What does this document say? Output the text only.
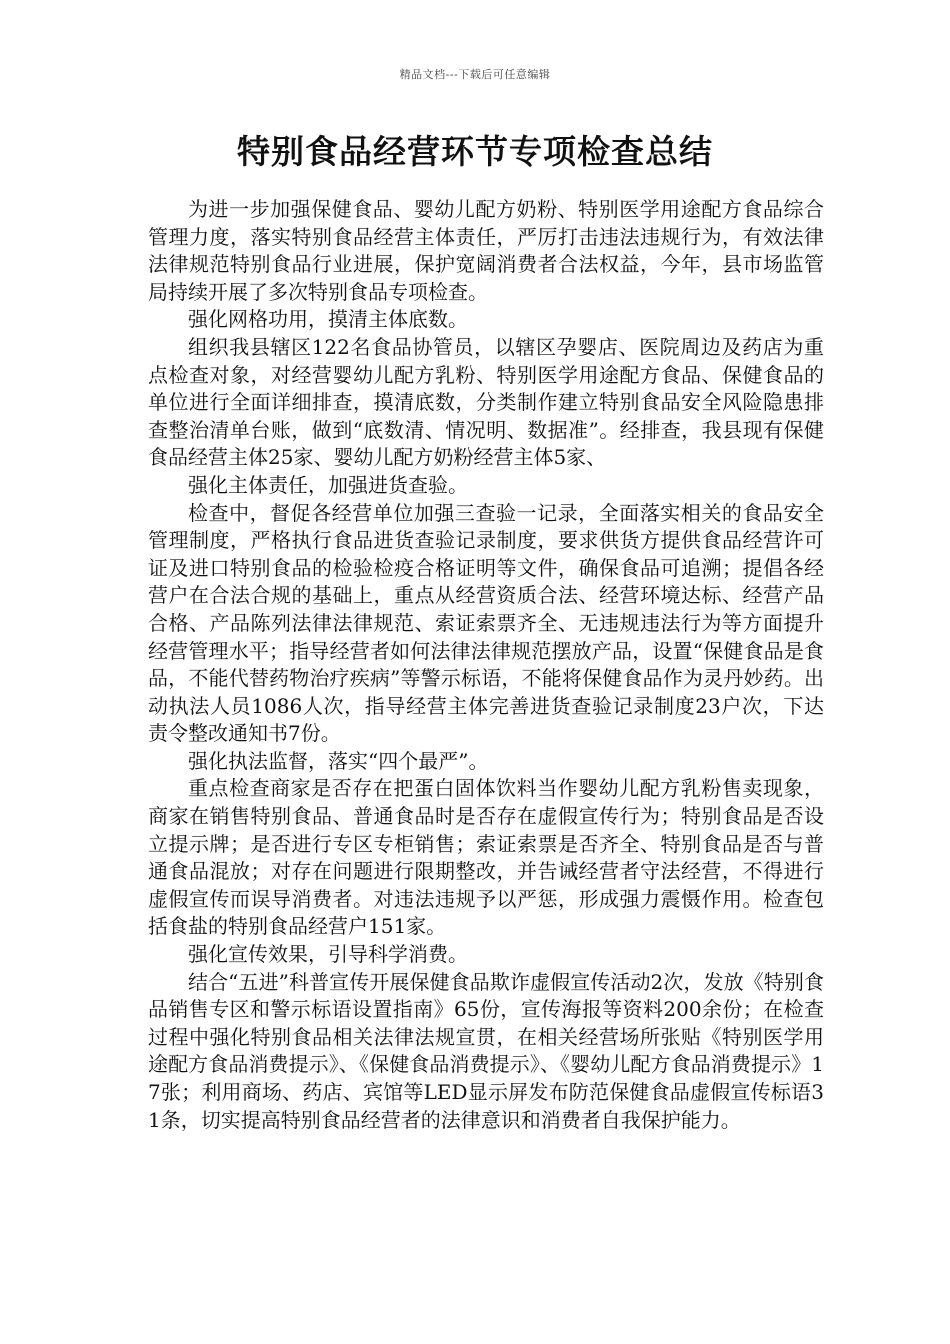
精品文档---下载后可任意编辑
特别食品经营环节专项检查总结

为进一步加强保健食品、婴幼儿配方奶粉、特别医学用途配方食品综合管理力度，落实特别食品经营主体责任，严厉打击违法违规行为，有效法律法律规范特别食品行业进展，保护宽阔消费者合法权益，今年，县市场监管局持续开展了多次特别食品专项检查。

强化网格功用，摸清主体底数。

组织我县辖区122名食品协管员，以辖区孕婴店、医院周边及药店为重点检查对象，对经营婴幼儿配方乳粉、特别医学用途配方食品、保健食品的单位进行全面详细排查，摸清底数，分类制作建立特别食品安全风险隐患排查整治清单台账，做到“底数清、情况明、数据准”。经排查，我县现有保健食品经营主体25家、婴幼儿配方奶粉经营主体5家、

强化主体责任，加强进货查验。

检查中，督促各经营单位加强三查验一记录，全面落实相关的食品安全管理制度，严格执行食品进货查验记录制度，要求供货方提供食品经营许可证及进口特别食品的检验检疫合格证明等文件，确保食品可追溯；提倡各经营户在合法合规的基础上，重点从经营资质合法、经营环境达标、经营产品合格、产品陈列法律法律规范、索证索票齐全、无违规违法行为等方面提升经营管理水平；指导经营者如何法律法律规范摆放产品，设置“保健食品是食品，不能代替药物治疗疾病”等警示标语，不能将保健食品作为灵丹妙药。出动执法人员1086人次，指导经营主体完善进货查验记录制度23户次，下达责令整改通知书7份。

强化执法监督，落实“四个最严”。

重点检查商家是否存在把蛋白固体饮料当作婴幼儿配方乳粉售卖现象，商家在销售特别食品、普通食品时是否存在虚假宣传行为；特别食品是否设立提示牌；是否进行专区专柜销售；索证索票是否齐全、特别食品是否与普通食品混放；对存在问题进行限期整改，并告诫经营者守法经营，不得进行虚假宣传而误导消费者。对违法违规予以严惩，形成强力震慑作用。检查包括食盐的特别食品经营户151家。

强化宣传效果，引导科学消费。

结合“五进”科普宣传开展保健食品欺诈虚假宣传活动2次，发放《特别食品销售专区和警示标语设置指南》65份，宣传海报等资料200余份；在检查过程中强化特别食品相关法律法规宣贯，在相关经营场所张贴《特别医学用途配方食品消费提示》、《保健食品消费提示》、《婴幼儿配方食品消费提示》17张；利用商场、药店、宾馆等LED显示屏发布防范保健食品虚假宣传标语31条，切实提高特别食品经营者的法律意识和消费者自我保护能力。
